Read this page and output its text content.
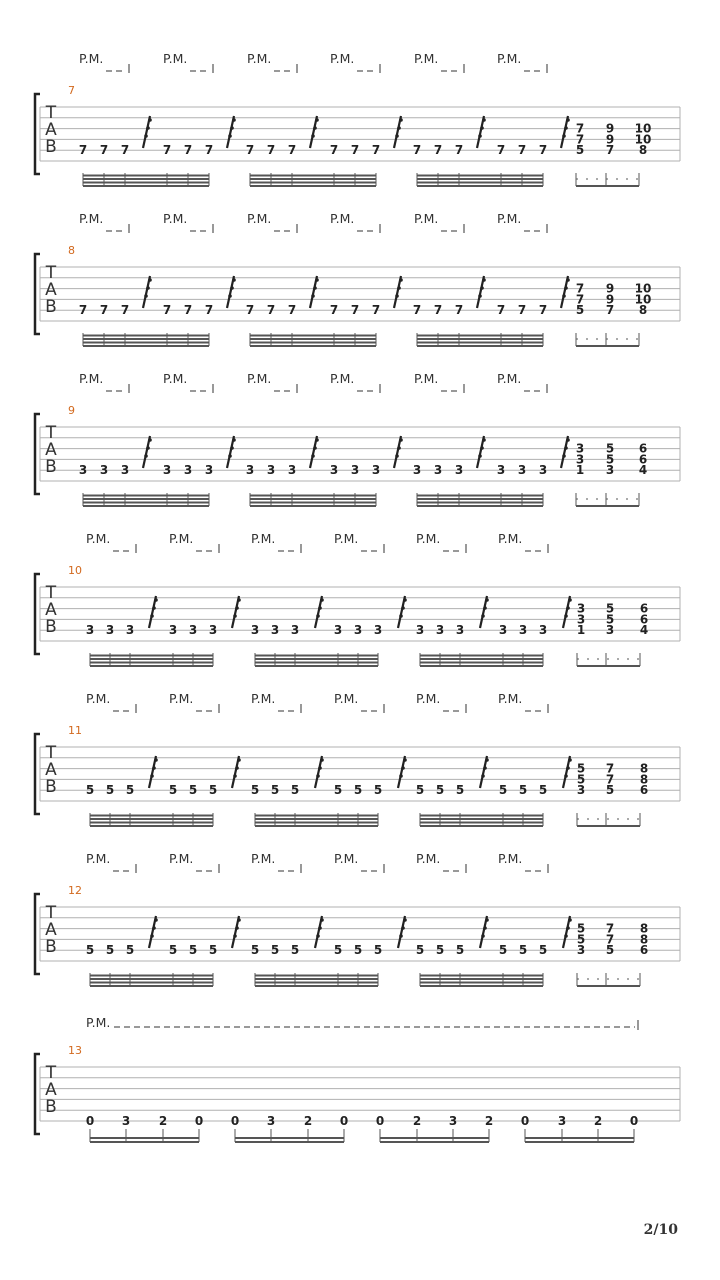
T
A
B
7
P.M.	P.M.	P.M.	P.M.	P.M.	P.M.
7 7 7	7 7 7	7 7 7	7 7 7	7 7 7	7 7 7
7
7
5
9
9
7
10
10
8
T
A
B
8
P.M.	P.M.	P.M.	P.M.	P.M.	P.M.
7 7 7	7 7 7	7 7 7	7 7 7	7 7 7	7 7 7
7
7
5
9
9
7
10
10
8
T
A
B
9
P.M.	P.M.	P.M.	P.M.	P.M.	P.M.
3 3 3	3 3 3	3 3 3	3 3 3	3 3 3	3 3 3
3
3
1
5
5
3
6
6
4
T
A
B
10
P.M.	P.M.	P.M.	P.M.	P.M.	P.M.
3 3 3	3 3 3	3 3 3	3 3 3	3 3 3	3 3 3
3
3
1
5
5
3
6
6
4
T
A
B
11
P.M.	P.M.	P.M.	P.M.	P.M.	P.M.
5 5 5	5 5 5	5 5 5	5 5 5	5 5 5	5 5 5
5
5
3
7
7
5
8
8
6
T
A
B
12
P.M.	P.M.	P.M.	P.M.	P.M.	P.M.
5 5 5	5 5 5	5 5 5	5 5 5	5 5 5	5 5 5
5
5
3
7
7
5
8
8
6
T
A
B
13
P.M.
0 3 2 0 0 3 2 0 0 2 3 2 0 3 2 0
2/10
